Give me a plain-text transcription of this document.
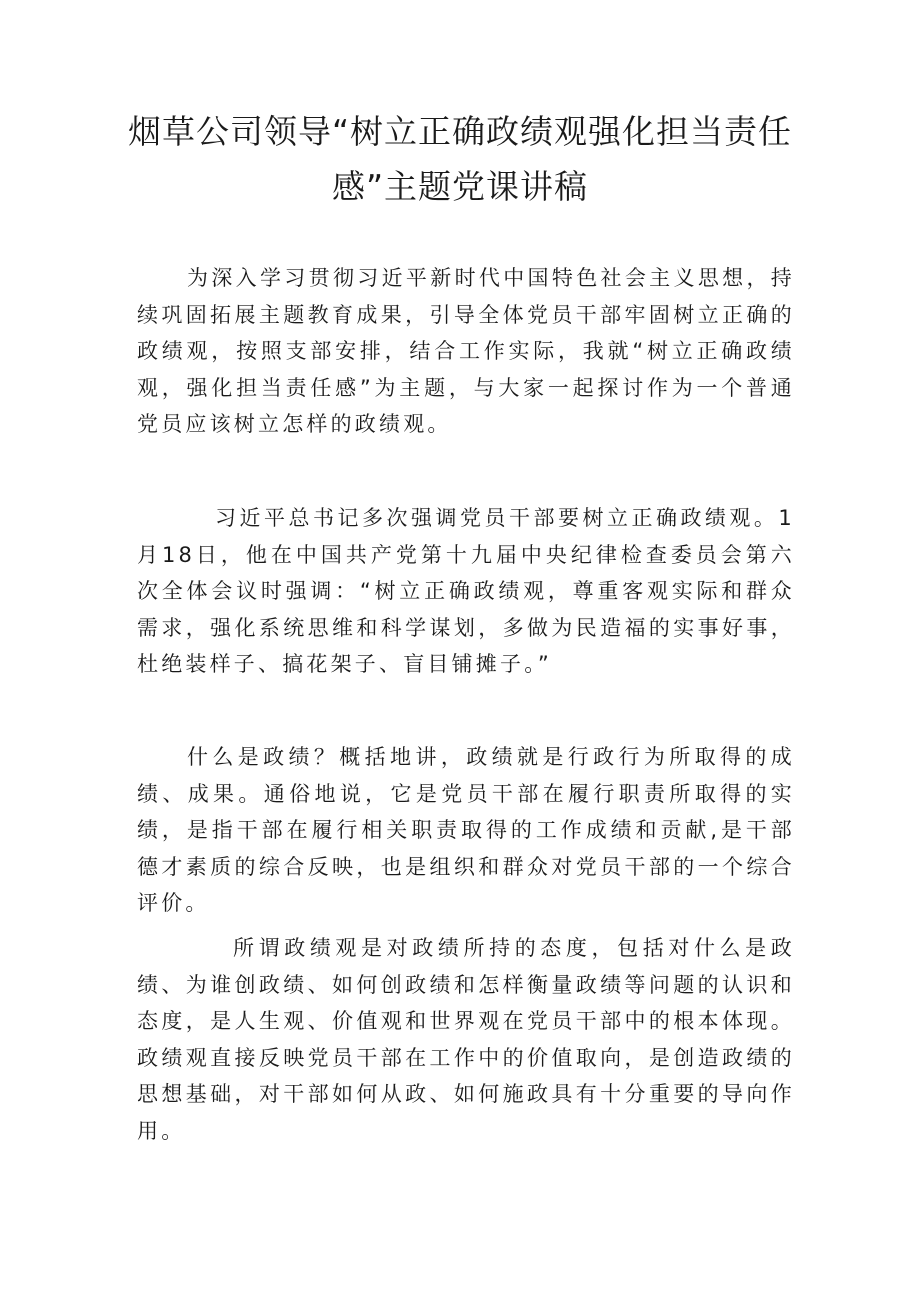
烟草公司领导“树立正确政绩观强化担当责任
感”主题党课讲稿

为深入学习贯彻习近平新时代中国特色社会主义思想，持续巩固拓展主题教育成果，引导全体党员干部牢固树立正确的政绩观，按照支部安排，结合工作实际，我就“树立正确政绩观，强化担当责任感”为主题，与大家一起探讨作为一个普通党员应该树立怎样的政绩观。

习近平总书记多次强调党员干部要树立正确政绩观。1月18日，他在中国共产党第十九届中央纪律检查委员会第六次全体会议时强调：“树立正确政绩观，尊重客观实际和群众需求，强化系统思维和科学谋划，多做为民造福的实事好事，杜绝装样子、搞花架子、盲目铺摊子。”

什么是政绩？概括地讲，政绩就是行政行为所取得的成绩、成果。通俗地说，它是党员干部在履行职责所取得的实绩，是指干部在履行相关职责取得的工作成绩和贡献,是干部德才素质的综合反映，也是组织和群众对党员干部的一个综合评价。

所谓政绩观是对政绩所持的态度，包括对什么是政绩、为谁创政绩、如何创政绩和怎样衡量政绩等问题的认识和态度，是人生观、价值观和世界观在党员干部中的根本体现。政绩观直接反映党员干部在工作中的价值取向，是创造政绩的思想基础，对干部如何从政、如何施政具有十分重要的导向作用。
